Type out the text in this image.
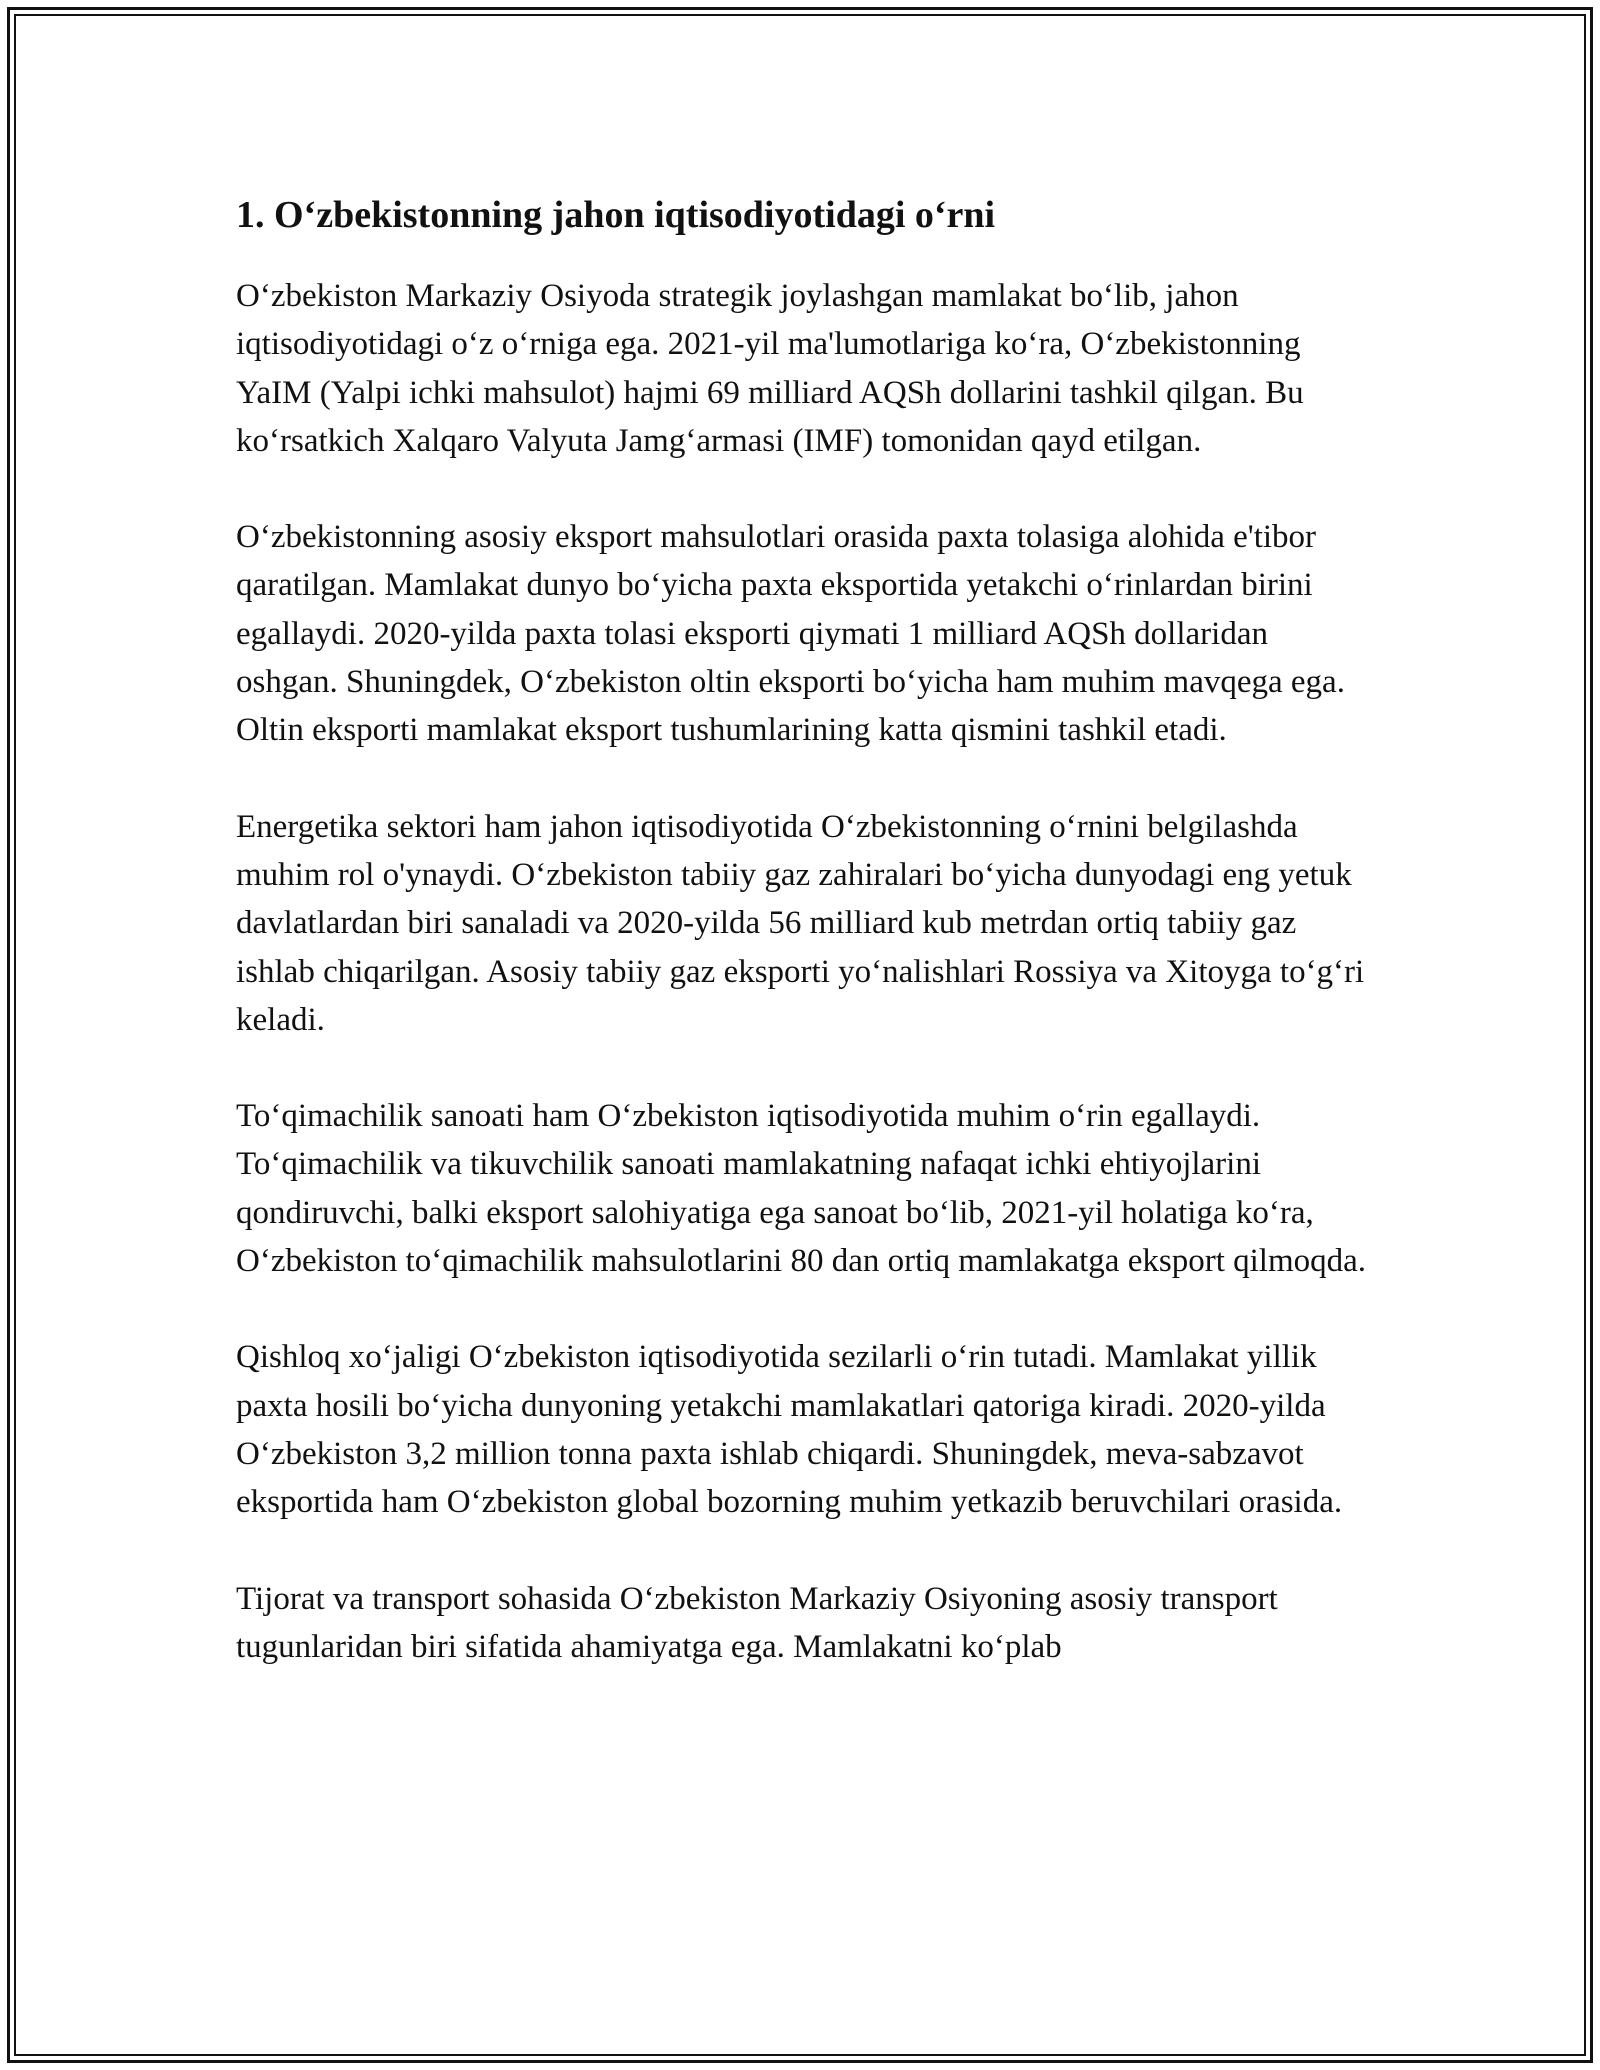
1. O‘zbekistonning jahon iqtisodiyotidagi o‘rni

O‘zbekiston Markaziy Osiyoda strategik joylashgan mamlakat bo‘lib, jahon iqtisodiyotidagi o‘z o‘rniga ega. 2021-yil ma'lumotlariga ko‘ra, O‘zbekistonning YaIM (Yalpi ichki mahsulot) hajmi 69 milliard AQSh dollarini tashkil qilgan. Bu ko‘rsatkich Xalqaro Valyuta Jamg‘armasi (IMF) tomonidan qayd etilgan.

O‘zbekistonning asosiy eksport mahsulotlari orasida paxta tolasiga alohida e'tibor qaratilgan. Mamlakat dunyo bo‘yicha paxta eksportida yetakchi o‘rinlardan birini egallaydi. 2020-yilda paxta tolasi eksporti qiymati 1 milliard AQSh dollaridan oshgan. Shuningdek, O‘zbekiston oltin eksporti bo‘yicha ham muhim mavqega ega. Oltin eksporti mamlakat eksport tushumlarining katta qismini tashkil etadi.

Energetika sektori ham jahon iqtisodiyotida O‘zbekistonning o‘rnini belgilashda muhim rol o'ynaydi. O‘zbekiston tabiiy gaz zahiralari bo‘yicha dunyodagi eng yetuk davlatlardan biri sanaladi va 2020-yilda 56 milliard kub metrdan ortiq tabiiy gaz ishlab chiqarilgan. Asosiy tabiiy gaz eksporti yo‘nalishlari Rossiya va Xitoyga to‘g‘ri keladi.

To‘qimachilik sanoati ham O‘zbekiston iqtisodiyotida muhim o‘rin egallaydi. To‘qimachilik va tikuvchilik sanoati mamlakatning nafaqat ichki ehtiyojlarini qondiruvchi, balki eksport salohiyatiga ega sanoat bo‘lib, 2021-yil holatiga ko‘ra, O‘zbekiston to‘qimachilik mahsulotlarini 80 dan ortiq mamlakatga eksport qilmoqda.

Qishloq xo‘jaligi O‘zbekiston iqtisodiyotida sezilarli o‘rin tutadi. Mamlakat yillik paxta hosili bo‘yicha dunyoning yetakchi mamlakatlari qatoriga kiradi. 2020-yilda O‘zbekiston 3,2 million tonna paxta ishlab chiqardi. Shuningdek, meva-sabzavot eksportida ham O‘zbekiston global bozorning muhim yetkazib beruvchilari orasida.

Tijorat va transport sohasida O‘zbekiston Markaziy Osiyoning asosiy transport tugunlaridan biri sifatida ahamiyatga ega. Mamlakatni ko‘plab
